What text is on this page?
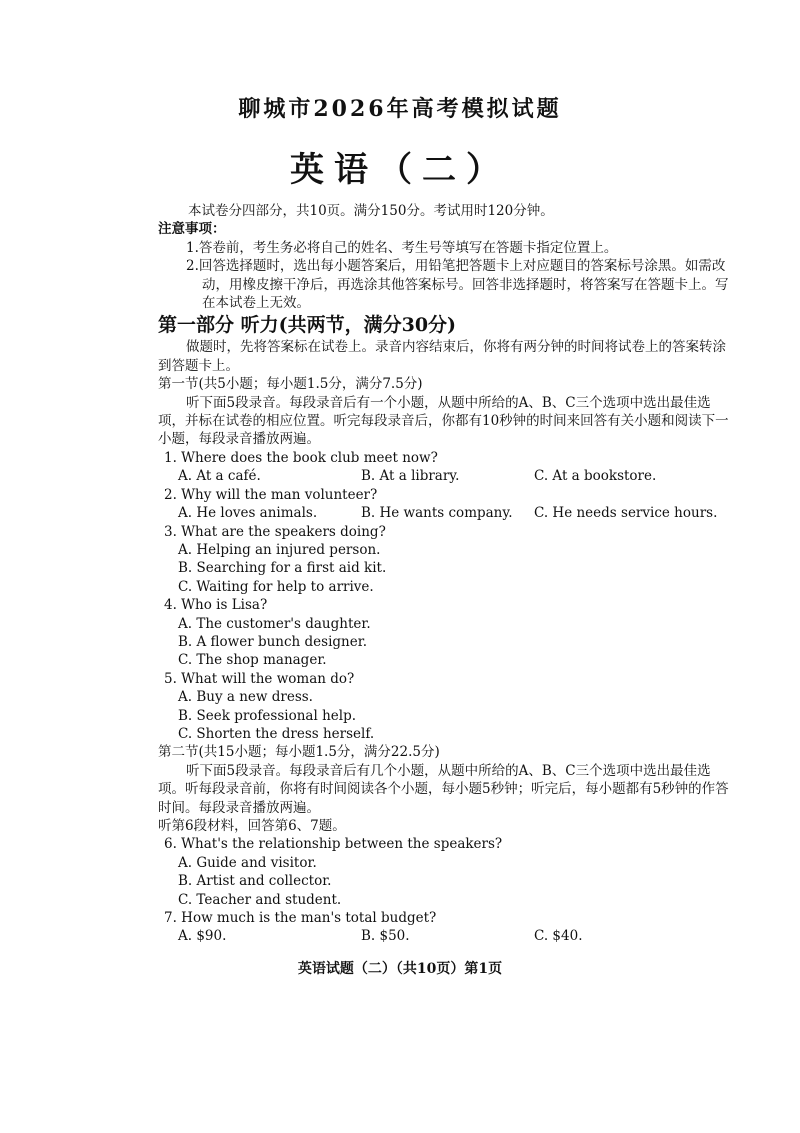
聊城市2026年高考模拟试题
英语（二）

本试卷分四部分，共10页。满分150分。考试用时120分钟。

注意事项：

1.答卷前，考生务必将自己的姓名、考生号等填写在答题卡指定位置上。

2.回答选择题时，选出每小题答案后，用铅笔把答题卡上对应题目的答案标号涂黑。如需改动，用橡皮擦干净后，再选涂其他答案标号。回答非选择题时，将答案写在答题卡上。写在本试卷上无效。

第一部分 听力(共两节，满分30分)

做题时，先将答案标在试卷上。录音内容结束后，你将有两分钟的时间将试卷上的答案转涂到答题卡上。

第一节(共5小题；每小题1.5分，满分7.5分)

听下面5段录音。每段录音后有一个小题，从题中所给的A、B、C三个选项中选出最佳选项，并标在试卷的相应位置。听完每段录音后，你都有10秒钟的时间来回答有关小题和阅读下一小题，每段录音播放两遍。

1. Where does the book club meet now?

A. At a café.	B. At a library.	C. At a bookstore.

2. Why will the man volunteer?

A. He loves animals.	B. He wants company.	C. He needs service hours.

3. What are the speakers doing?

A. Helping an injured person.

B. Searching for a first aid kit.

C. Waiting for help to arrive.

4. Who is Lisa?

A. The customer's daughter.

B. A flower bunch designer.

C. The shop manager.

5. What will the woman do?

A. Buy a new dress.

B. Seek professional help.

C. Shorten the dress herself.

第二节(共15小题；每小题1.5分，满分22.5分)

听下面5段录音。每段录音后有几个小题，从题中所给的A、B、C三个选项中选出最佳选项。听每段录音前，你将有时间阅读各个小题，每小题5秒钟；听完后，每小题都有5秒钟的作答时间。每段录音播放两遍。

听第6段材料，回答第6、7题。

6. What's the relationship between the speakers?

A. Guide and visitor.

B. Artist and collector.

C. Teacher and student.

7. How much is the man's total budget?

A. $90.	B. $50.	C. $40.
英语试题（二）（共10页）第1页
